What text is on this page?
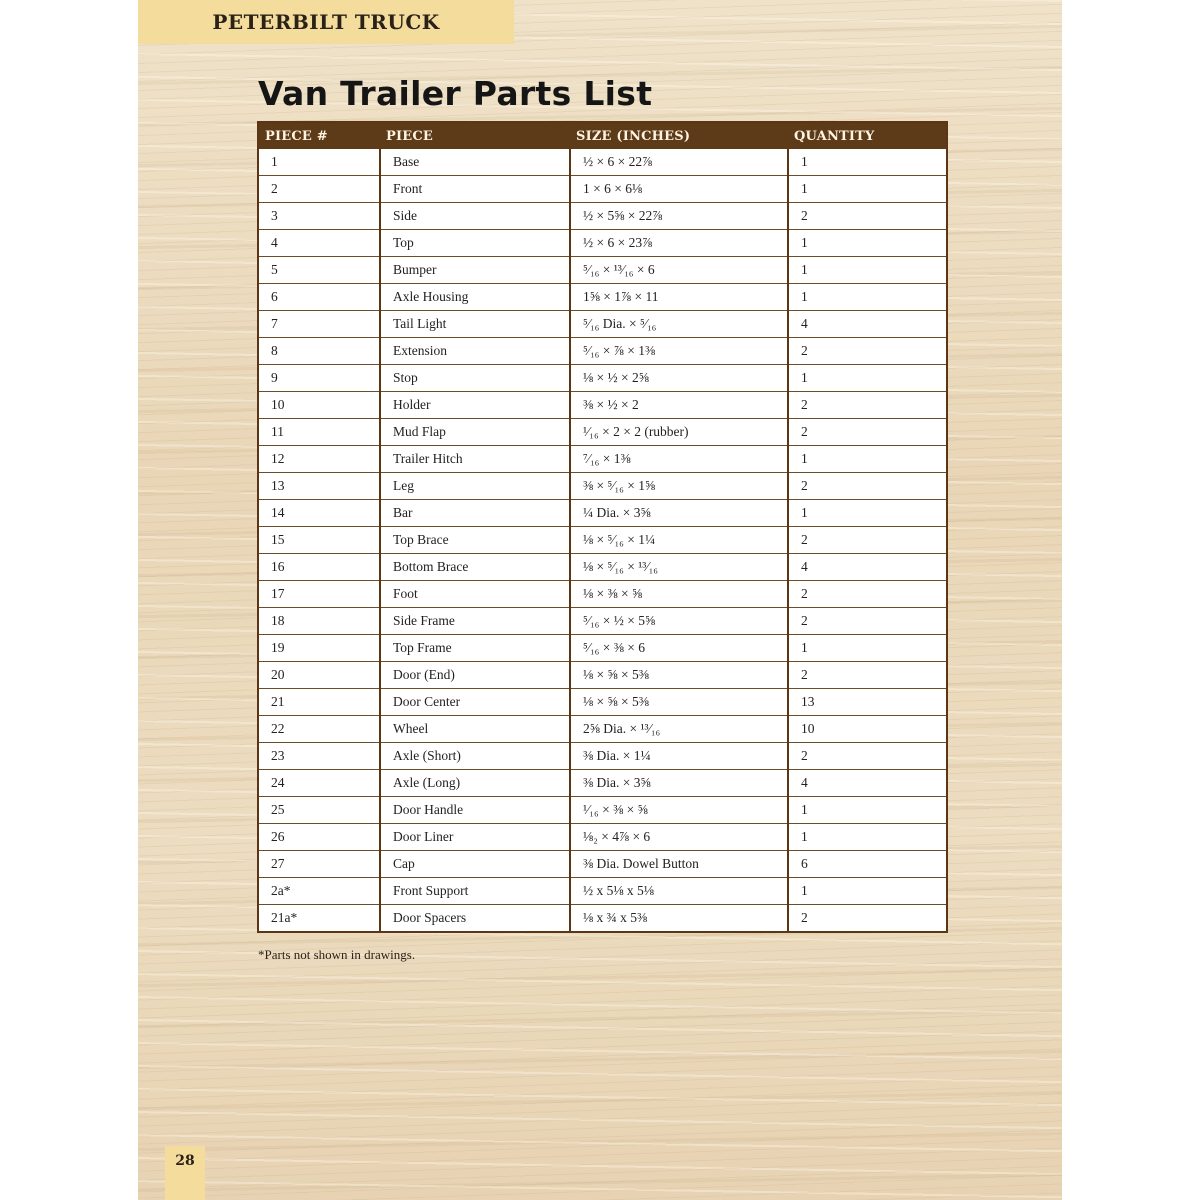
PETERBILT TRUCK
Van Trailer Parts List
PIECE #	PIECE	SIZE (INCHES)	QUANTITY
1	Base	½ × 6 × 22⅞	1
2	Front	1 × 6 × 6⅛	1
3	Side	½ × 5⅝ × 22⅞	2
4	Top	½ × 6 × 23⅞	1
5	Bumper	⁵⁄₁₆ × ¹³⁄₁₆ × 6	1
6	Axle Housing	1⅝ × 1⅞ × 11	1
7	Tail Light	⁵⁄₁₆ Dia. × ⁵⁄₁₆	4
8	Extension	⁵⁄₁₆ × ⅞ × 1⅜	2
9	Stop	⅛ × ½ × 2⅝	1
10	Holder	⅜ × ½ × 2	2
11	Mud Flap	¹⁄₁₆ × 2 × 2 (rubber)	2
12	Trailer Hitch	⁷⁄₁₆ × 1⅜	1
13	Leg	⅜ × ⁵⁄₁₆ × 1⅝	2
14	Bar	¼ Dia. × 3⅝	1
15	Top Brace	⅛ × ⁵⁄₁₆ × 1¼	2
16	Bottom Brace	⅛ × ⁵⁄₁₆ × ¹³⁄₁₆	4
17	Foot	⅛ × ⅜ × ⅝	2
18	Side Frame	⁵⁄₁₆ × ½ × 5⅝	2
19	Top Frame	⁵⁄₁₆ × ⅜ × 6	1
20	Door (End)	⅛ × ⅝ × 5⅜	2
21	Door Center	⅛ × ⅝ × 5⅜	13
22	Wheel	2⅝ Dia. × ¹³⁄₁₆	10
23	Axle (Short)	⅜ Dia. × 1¼	2
24	Axle (Long)	⅜ Dia. × 3⅝	4
25	Door Handle	¹⁄₁₆ × ⅜ × ⅝	1
26	Door Liner	⅛₂ × 4⅞ × 6	1
27	Cap	⅜ Dia. Dowel Button	6
2a*	Front Support	½ x 5⅛ x 5⅛	1
21a*	Door Spacers	⅛ x ¾ x 5⅜	2
*Parts not shown in drawings.
28
